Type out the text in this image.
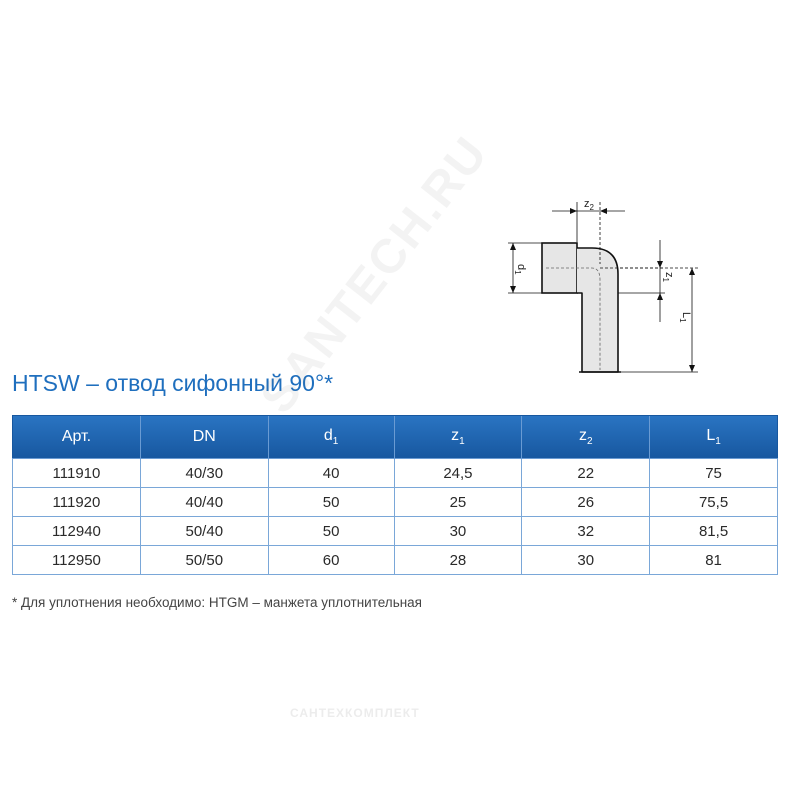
$z_2$
$d_1$	$z_1$
$L_1$
HTSW – отвод сифонный 90°*
SANTECH.RU
Арт.	DN	$d_1$	$z_1$	$z_2$	$L_1$
111910	40/30	40	24,5	22	75
111920	40/40	50	25	26	75,5
112940	50/40	50	30	32	81,5
112950	50/50	60	28	30	81
* Для уплотнения необходимо: HTGM – манжета уплотнительная
САНТЕХКОМПЛЕКТ
